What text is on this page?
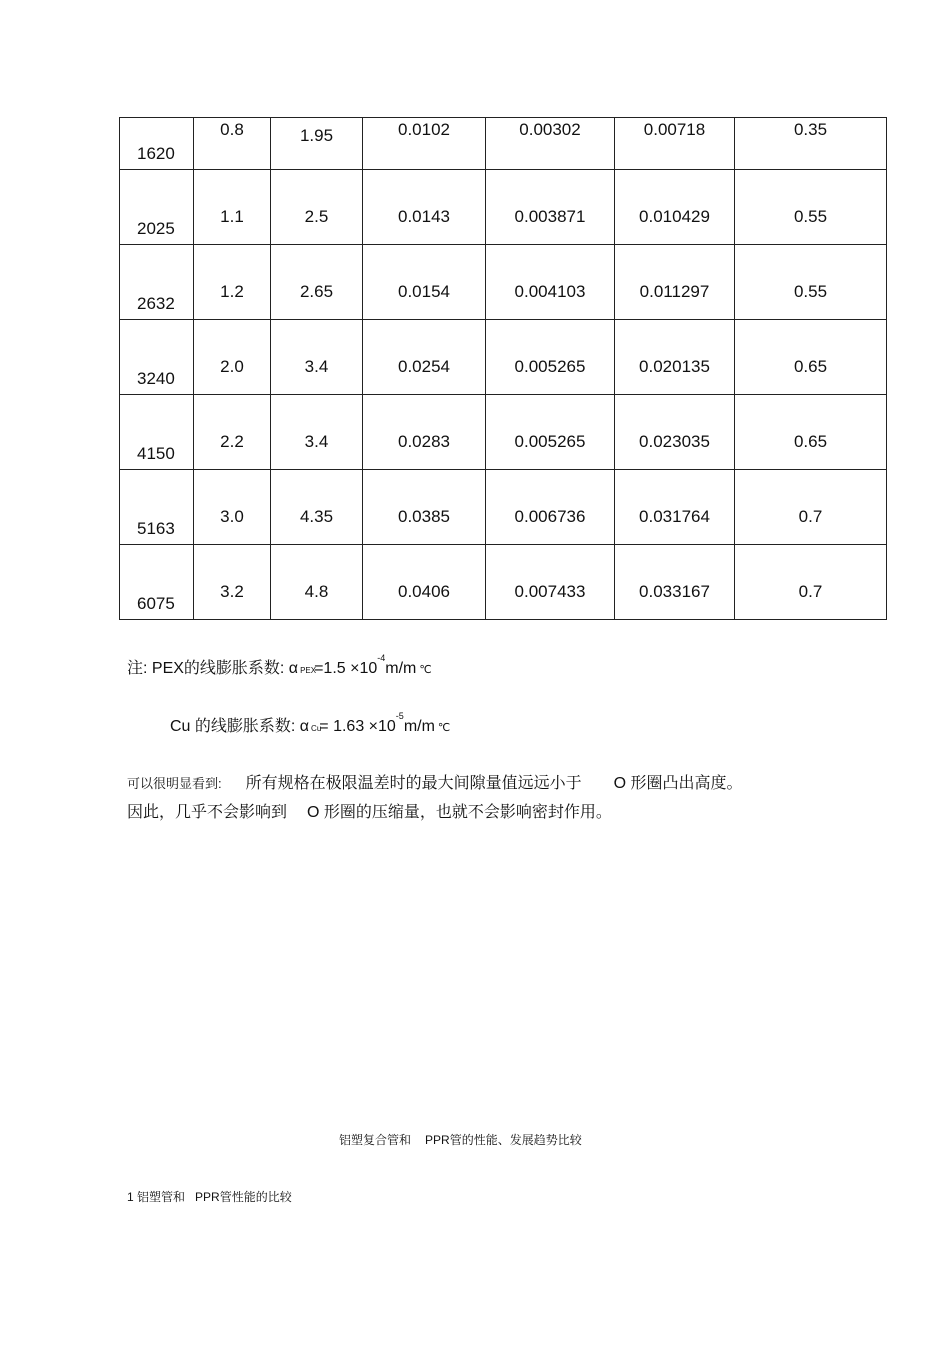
1620	0.8	1.95	0.0102	0.00302	0.00718	0.35

2025	1.1	2.5	0.0143	0.003871	0.010429	0.55

2632	1.2	2.65	0.0154	0.004103	0.011297	0.55

3240	2.0	3.4	0.0254	0.005265	0.020135	0.65

4150	2.2	3.4	0.0283	0.005265	0.023035	0.65

5163	3.0	4.35	0.0385	0.006736	0.031764	0.7

6075	3.2	4.8	0.0406	0.007433	0.033167	0.7
注: PEX的线膨胀系数: α $PEX=1.5 \times 10^{-4}m/m$ ℃
Cu 的线膨胀系数: α $Cu= 1.63 \times 10^{-5}m/m$ ℃
可以很明显看到: 所有规格在极限温差时的最大间隙量值远远小于 O 形圈凸出高度。
因此，几乎不会影响到 O 形圈的压缩量，也就不会影响密封作用。
铝塑复合管和 PPR管的性能、发展趋势比较
1 铝塑管和 PPR管性能的比较
